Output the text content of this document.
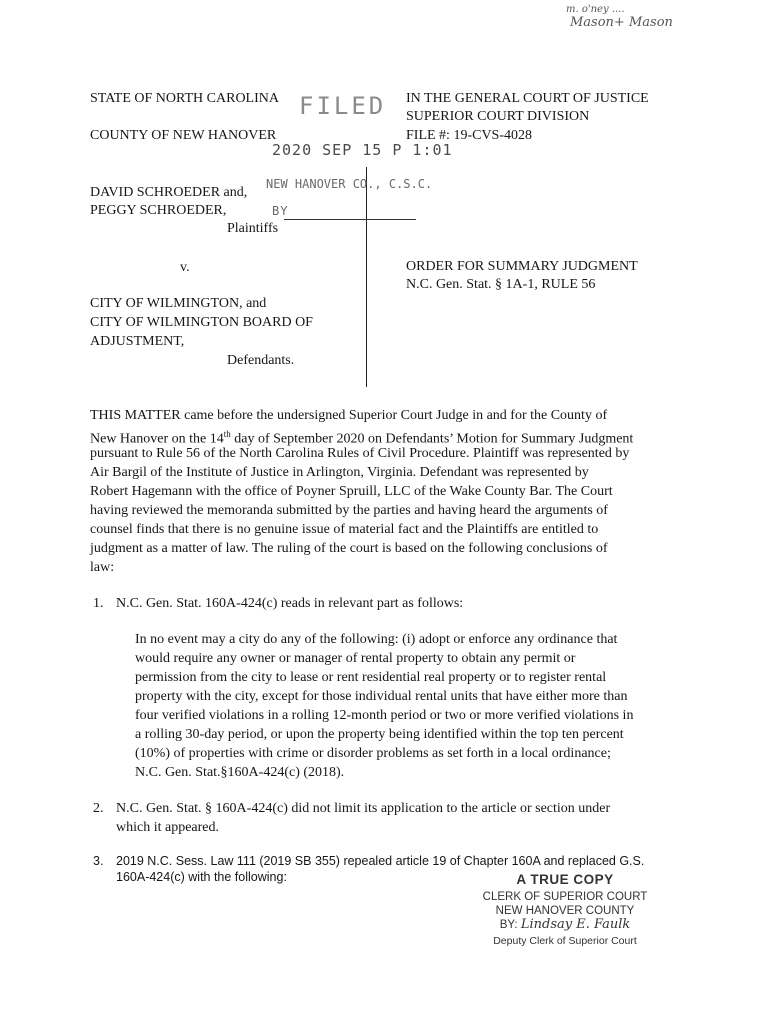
m. o'ney ....
Mason+ Mason
STATE OF NORTH CAROLINA
COUNTY OF NEW HANOVER
DAVID SCHROEDER and,
PEGGY SCHROEDER,
Plaintiffs
v.
CITY OF WILMINGTON, and
CITY OF WILMINGTON BOARD OF
ADJUSTMENT,
Defendants.
IN THE GENERAL COURT OF JUSTICE
SUPERIOR COURT DIVISION
FILE #: 19-CVS-4028
ORDER FOR SUMMARY JUDGMENT
N.C. Gen. Stat. § 1A-1, RULE 56
FILED
2020 SEP 15 P 1:01
NEW HANOVER CO., C.S.C.
BY
THIS MATTER came before the undersigned Superior Court Judge in and for the County of
New Hanover on the 14th day of September 2020 on Defendants’ Motion for Summary Judgment
pursuant to Rule 56 of the North Carolina Rules of Civil Procedure. Plaintiff was represented by
Air Bargil of the Institute of Justice in Arlington, Virginia. Defendant was represented by
Robert Hagemann with the office of Poyner Spruill, LLC of the Wake County Bar. The Court
having reviewed the memoranda submitted by the parties and having heard the arguments of
counsel finds that there is no genuine issue of material fact and the Plaintiffs are entitled to
judgment as a matter of law. The ruling of the court is based on the following conclusions of
law:
1. N.C. Gen. Stat. 160A-424(c) reads in relevant part as follows:
In no event may a city do any of the following: (i) adopt or enforce any ordinance that
would require any owner or manager of rental property to obtain any permit or
permission from the city to lease or rent residential real property or to register rental
property with the city, except for those individual rental units that have either more than
four verified violations in a rolling 12-month period or two or more verified violations in
a rolling 30-day period, or upon the property being identified within the top ten percent
(10%) of properties with crime or disorder problems as set forth in a local ordinance;
N.C. Gen. Stat.§160A-424(c) (2018).
2. N.C. Gen. Stat. § 160A-424(c) did not limit its application to the article or section under
which it appeared.
3. 2019 N.C. Sess. Law 111 (2019 SB 355) repealed article 19 of Chapter 160A and replaced G.S.
160A-424(c) with the following:	A TRUE COPY
CLERK OF SUPERIOR COURT
NEW HANOVER COUNTY
BY: Lindsay E. Faulk
Deputy Clerk of Superior Court
